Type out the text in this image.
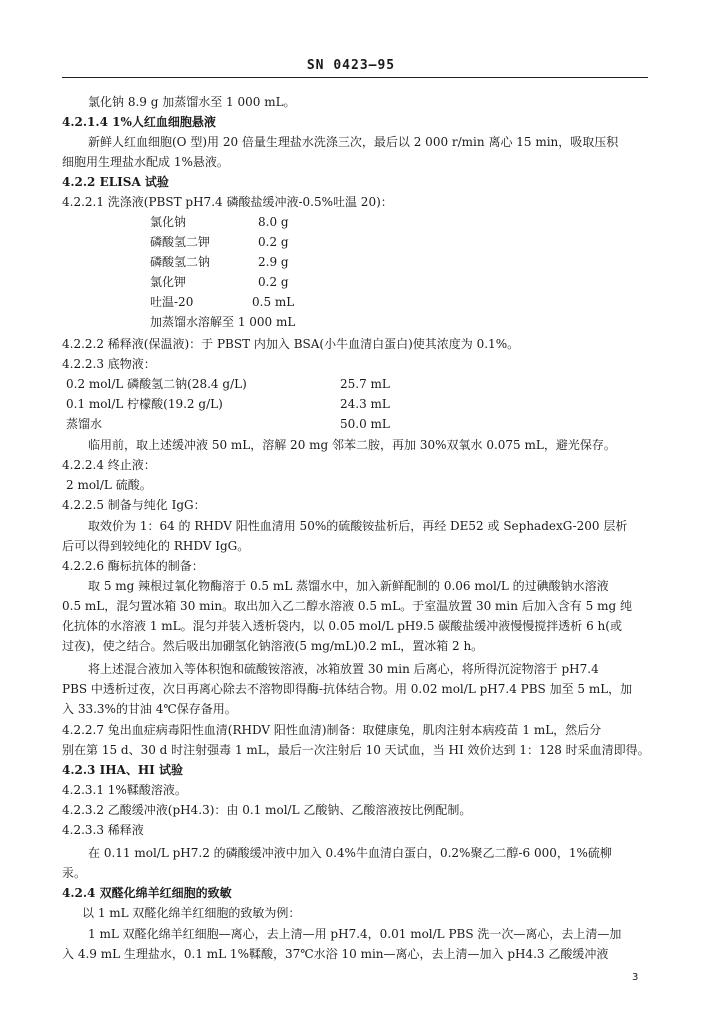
SN 0423—95
氯化钠 8.9 g 加蒸馏水至 1 000 mL。
4.2.1.4 1%人红血细胞悬液
新鲜人红血细胞(O 型)用 20 倍量生理盐水洗涤三次，最后以 2 000 r/min 离心 15 min，吸取压积
细胞用生理盐水配成 1%悬液。
4.2.2 ELISA 试验
4.2.2.1 洗涤液(PBST pH7.4 磷酸盐缓冲液-0.5%吐温 20)：
氯化钠	8.0 g
磷酸氢二钾	0.2 g
磷酸氢二钠	2.9 g
氯化钾	0.2 g
吐温-20	0.5 mL
加蒸馏水溶解至 1 000 mL
4.2.2.2 稀释液(保温液)：于 PBST 内加入 BSA(小牛血清白蛋白)使其浓度为 0.1%。
4.2.2.3 底物液：
0.2 mol/L 磷酸氢二钠(28.4 g/L)	25.7 mL
0.1 mol/L 柠檬酸(19.2 g/L)	24.3 mL
蒸馏水	50.0 mL
临用前，取上述缓冲液 50 mL，溶解 20 mg 邻苯二胺，再加 30%双氧水 0.075 mL，避光保存。
4.2.2.4 终止液：
2 mol/L 硫酸。
4.2.2.5 制备与纯化 IgG：
取效价为 1：64 的 RHDV 阳性血清用 50%的硫酸铵盐析后，再经 DE52 或 SephadexG-200 层析
后可以得到较纯化的 RHDV IgG。
4.2.2.6 酶标抗体的制备：
取 5 mg 辣根过氧化物酶溶于 0.5 mL 蒸馏水中，加入新鲜配制的 0.06 mol/L 的过碘酸钠水溶液
0.5 mL，混匀置冰箱 30 min。取出加入乙二醇水溶液 0.5 mL。于室温放置 30 min 后加入含有 5 mg 纯
化抗体的水溶液 1 mL。混匀并装入透析袋内，以 0.05 mol/L pH9.5 碳酸盐缓冲液慢慢搅拌透析 6 h(或
过夜)，使之结合。然后吸出加硼氢化钠溶液(5 mg/mL)0.2 mL，置冰箱 2 h。
将上述混合液加入等体积饱和硫酸铵溶液，冰箱放置 30 min 后离心，将所得沉淀物溶于 pH7.4
PBS 中透析过夜，次日再离心除去不溶物即得酶-抗体结合物。用 0.02 mol/L pH7.4 PBS 加至 5 mL，加
入 33.3%的甘油 4℃保存备用。
4.2.2.7 兔出血症病毒阳性血清(RHDV 阳性血清)制备：取健康兔，肌肉注射本病疫苗 1 mL，然后分
别在第 15 d、30 d 时注射强毒 1 mL，最后一次注射后 10 天试血，当 HI 效价达到 1：128 时采血清即得。
4.2.3 IHA、HI 试验
4.2.3.1 1%鞣酸溶液。
4.2.3.2 乙酸缓冲液(pH4.3)：由 0.1 mol/L 乙酸钠、乙酸溶液按比例配制。
4.2.3.3 稀释液
在 0.11 mol/L pH7.2 的磷酸缓冲液中加入 0.4%牛血清白蛋白，0.2%聚乙二醇-6 000，1%硫柳
汞。
4.2.4 双醛化绵羊红细胞的致敏
以 1 mL 双醛化绵羊红细胞的致敏为例：
1 mL 双醛化绵羊红细胞—离心，去上清—用 pH7.4，0.01 mol/L PBS 洗一次—离心，去上清—加
入 4.9 mL 生理盐水，0.1 mL 1%鞣酸，37℃水浴 10 min—离心，去上清—加入 pH4.3 乙酸缓冲液
3
